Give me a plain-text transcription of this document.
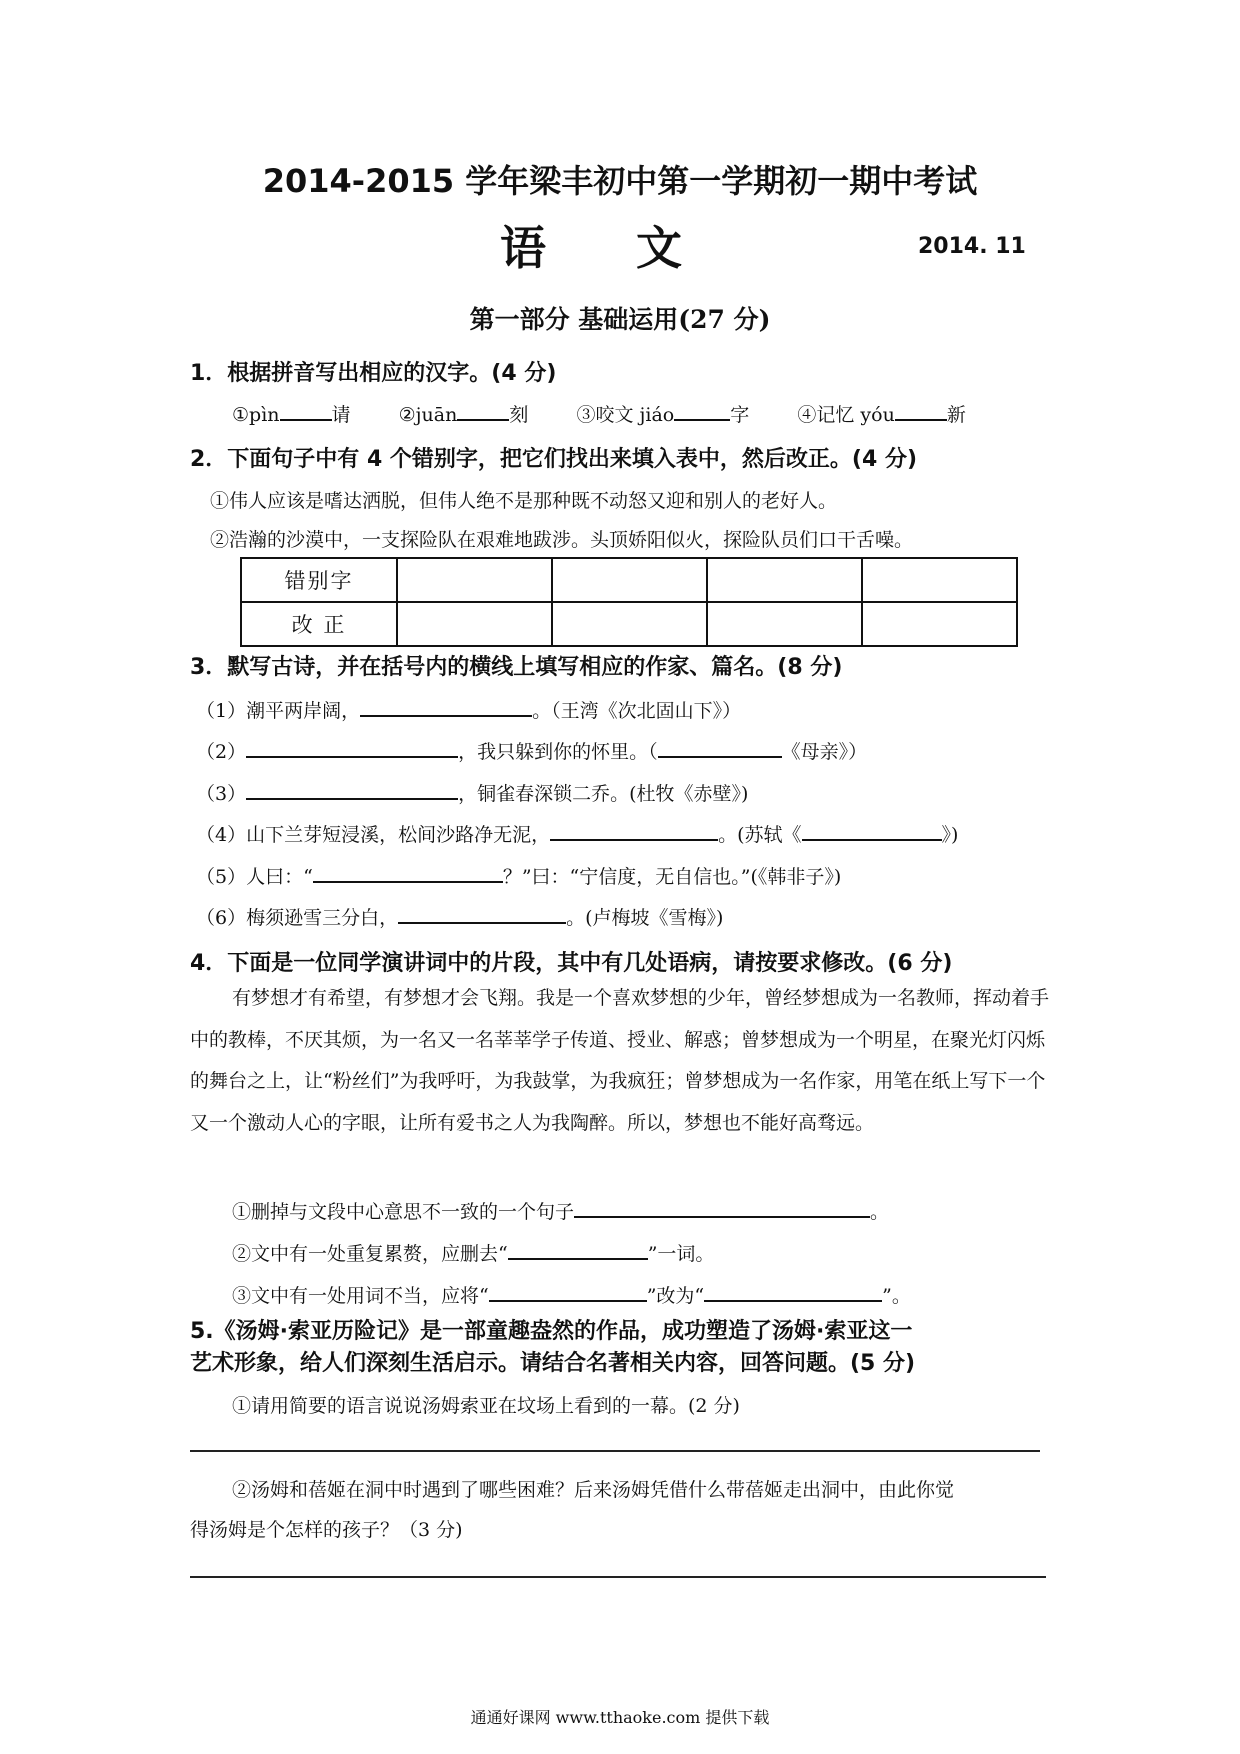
2014-2015 学年梁丰初中第一学期初一期中考试
语文	2014. 11
第一部分 基础运用(27 分)
1．根据拼音写出相应的汉字。(4 分)
①pìn	请	②juān	刻	③咬文 jiáo	字	④记忆 yóu	新
2．下面句子中有 4 个错别字，把它们找出来填入表中，然后改正。(4 分)
①伟人应该是嗜达洒脱，但伟人绝不是那种既不动怒又迎和别人的老好人。
②浩瀚的沙漠中，一支探险队在艰难地跋涉。头顶娇阳似火，探险队员们口干舌噪。
错别字				
改 正				
3．默写古诗，并在括号内的横线上填写相应的作家、篇名。(8 分)
（1）潮平两岸阔，	。（王湾《次北固山下》）
（2）	，我只躲到你的怀里。（	《母亲》）
（3）	，铜雀春深锁二乔。(杜牧《赤壁》)
（4）山下兰芽短浸溪，松间沙路净无泥，	。(苏轼《	》)
（5）人曰：“	？”曰：“宁信度，无自信也。”(《韩非子》)
（6）梅须逊雪三分白，	。(卢梅坡《雪梅》)
4．下面是一位同学演讲词中的片段，其中有几处语病，请按要求修改。(6 分)
有梦想才有希望，有梦想才会飞翔。我是一个喜欢梦想的少年，曾经梦想成为一名教师，挥动着手中的教棒，不厌其烦，为一名又一名莘莘学子传道、授业、解惑；曾梦想成为一个明星，在聚光灯闪烁的舞台之上，让“粉丝们”为我呼吁，为我鼓掌，为我疯狂；曾梦想成为一名作家，用笔在纸上写下一个又一个激动人心的字眼，让所有爱书之人为我陶醉。所以，梦想也不能好高骛远。
①删掉与文段中心意思不一致的一个句子	。
②文中有一处重复累赘，应删去“	”一词。
③文中有一处用词不当，应将“	”改为“	”。
5.《汤姆·索亚历险记》是一部童趣盎然的作品，成功塑造了汤姆·索亚这一
艺术形象，给人们深刻生活启示。请结合名著相关内容，回答问题。(5 分)
①请用简要的语言说说汤姆索亚在坟场上看到的一幕。(2 分)
②汤姆和蓓姬在洞中时遇到了哪些困难？后来汤姆凭借什么带蓓姬走出洞中，由此你觉
得汤姆是个怎样的孩子？（3 分)
通通好课网 www.tthaoke.com 提供下载
